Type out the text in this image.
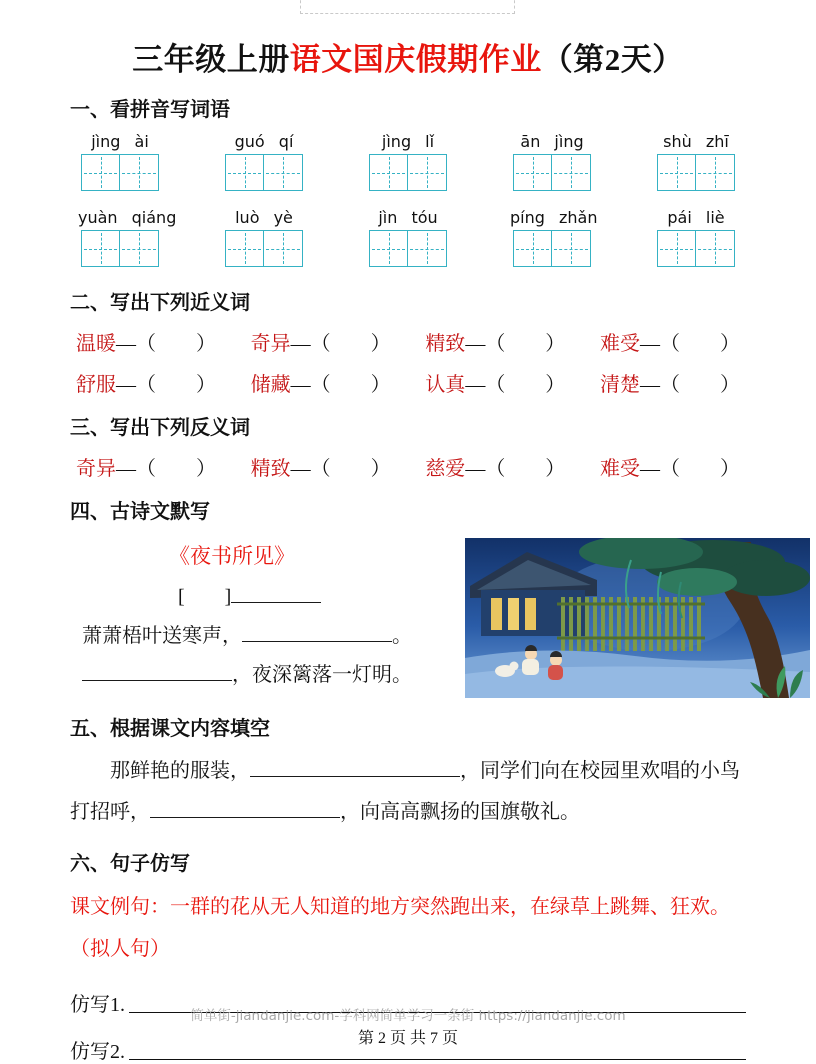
三年级上册语文国庆假期作业（第2天）
一、看拼音写词语
jìng ài	guó qí	jìng lǐ	ān jìng	shù zhī
yuàn qiáng	luò yè	jìn tóu	píng zhǎn	pái liè
二、写出下列近义词
温暖—（　　） 奇异—（　　） 精致—（　　） 难受—（　　）
舒服—（　　） 储藏—（　　） 认真—（　　） 清楚—（　　）
三、写出下列反义词
奇异—（　　） 精致—（　　） 慈爱—（　　） 难受—（　　）
四、古诗文默写
《夜书所见》
[　　]
萧萧梧叶送寒声，	。
，夜深篱落一灯明。
五、根据课文内容填空

那鲜艳的服装，	，同学们向在校园里欢唱的小鸟打招呼，	，向高高飘扬的国旗敬礼。

六、句子仿写

课文例句：一群的花从无人知道的地方突然跑出来，在绿草上跳舞、狂欢。（拟人句）

仿写1.
仿写2.
简单街-jiandanjie.com-学科网简单学习一条街 https://jiandanjie.com
第 2 页 共 7 页
